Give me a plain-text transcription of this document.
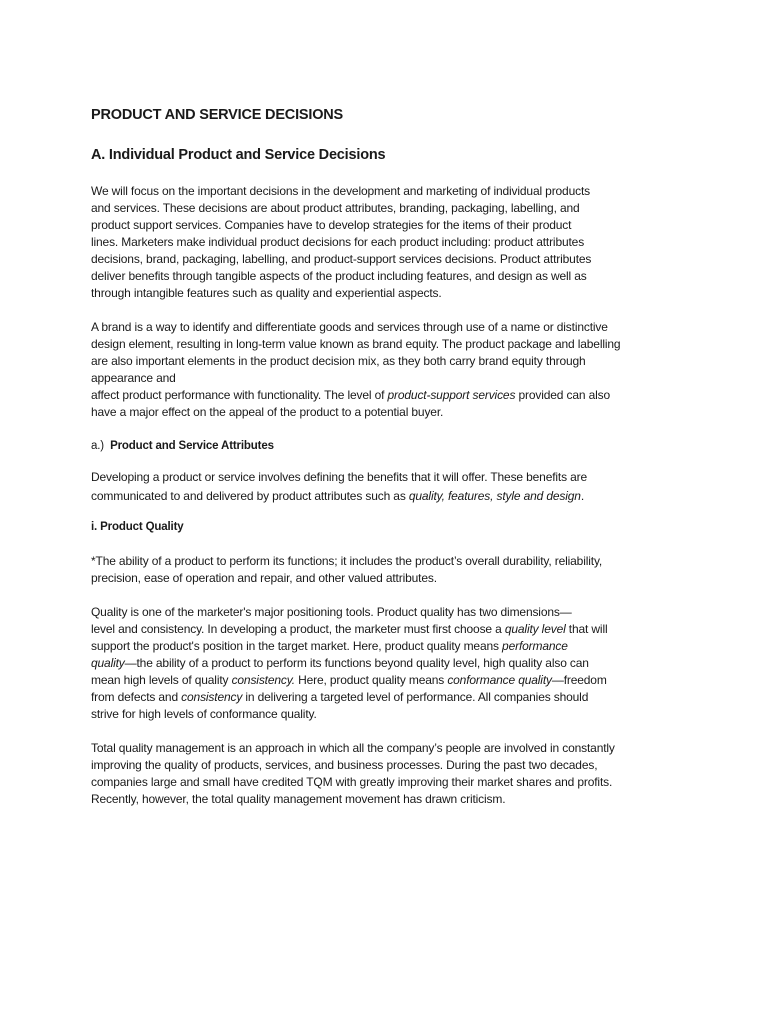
PRODUCT AND SERVICE DECISIONS
A. Individual Product and Service Decisions

We will focus on the important decisions in the development and marketing of individual products
and services. These decisions are about product attributes, branding, packaging, labelling, and
product support services. Companies have to develop strategies for the items of their product
lines. Marketers make individual product decisions for each product including: product attributes
decisions, brand, packaging, labelling, and product-support services decisions. Product attributes
deliver benefits through tangible aspects of the product including features, and design as well as
through intangible features such as quality and experiential aspects.

A brand is a way to identify and differentiate goods and services through use of a name or distinctive
design element, resulting in long-term value known as brand equity. The product package and labelling
are also important elements in the product decision mix, as they both carry brand equity through
appearance and
affect product performance with functionality. The level of product-support services provided can also
have a major effect on the appeal of the product to a potential buyer.

a.)  Product and Service Attributes

Developing a product or service involves defining the benefits that it will offer. These benefits are
communicated to and delivered by product attributes such as quality, features, style and design.

i. Product Quality

*The ability of a product to perform its functions; it includes the product’s overall durability, reliability,
precision, ease of operation and repair, and other valued attributes.

Quality is one of the marketer's major positioning tools. Product quality has two dimensions—
level and consistency. In developing a product, the marketer must first choose a quality level that will
support the product's position in the target market. Here, product quality means performance
quality—the ability of a product to perform its functions beyond quality level, high quality also can
mean high levels of quality consistency. Here, product quality means conformance quality—freedom
from defects and consistency in delivering a targeted level of performance. All companies should
strive for high levels of conformance quality.

Total quality management is an approach in which all the company’s people are involved in constantly
improving the quality of products, services, and business processes. During the past two decades,
companies large and small have credited TQM with greatly improving their market shares and profits.
Recently, however, the total quality management movement has drawn criticism.
